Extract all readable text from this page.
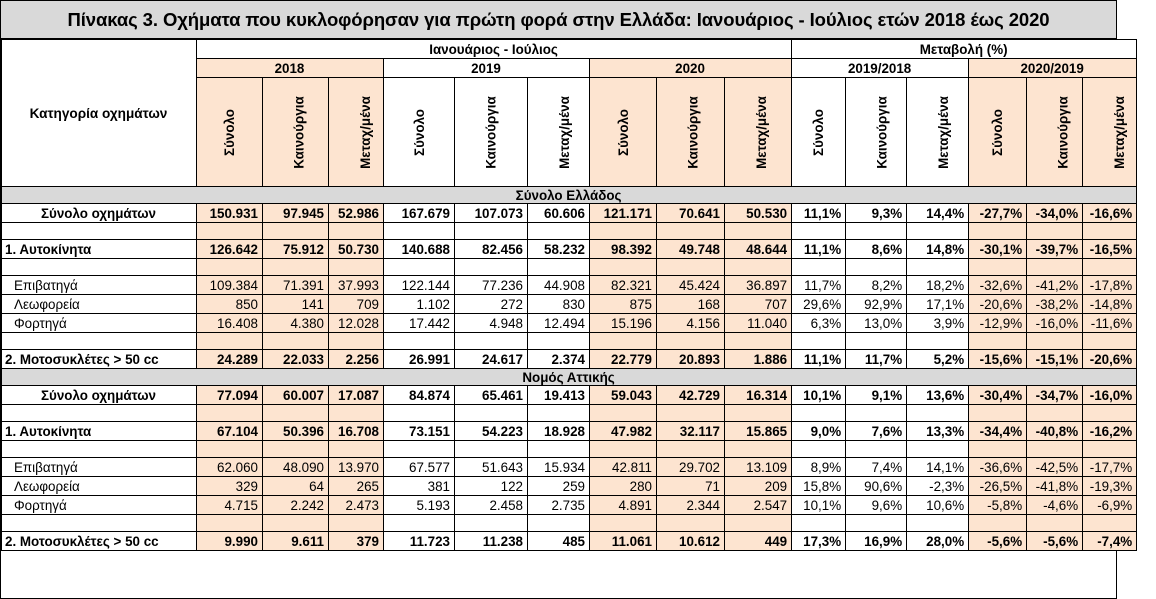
Πίνακας 3. Οχήματα που κυκλοφόρησαν για πρώτη φορά στην Ελλάδα: Ιανουάριος - Ιούλιος ετών 2018 έως 2020
Κατηγορία οχημάτων	Ιανουάριος - Ιούλιος									Μεταβολή (%)					
	2018			2019			2020			2019/2018			2020/2019		
	Σύνολο	Καινούργια	Μεταχ/μένα	Σύνολο	Καινούργια	Μεταχ/μένα	Σύνολο	Καινούργια	Μεταχ/μένα	Σύνολο	Καινούργια	Μεταχ/μένα	Σύνολο	Καινούργια	Μεταχ/μένα
Σύνολο Ελλάδος															
Σύνολο οχημάτων	150.931	97.945	52.986	167.679	107.073	60.606	121.171	70.641	50.530	11,1%	9,3%	14,4%	-27,7%	-34,0%	-16,6%

1. Αυτοκίνητα	126.642	75.912	50.730	140.688	82.456	58.232	98.392	49.748	48.644	11,1%	8,6%	14,8%	-30,1%	-39,7%	-16,5%

Επιβατηγά	109.384	71.391	37.993	122.144	77.236	44.908	82.321	45.424	36.897	11,7%	8,2%	18,2%	-32,6%	-41,2%	-17,8%
Λεωφορεία	850	141	709	1.102	272	830	875	168	707	29,6%	92,9%	17,1%	-20,6%	-38,2%	-14,8%
Φορτηγά	16.408	4.380	12.028	17.442	4.948	12.494	15.196	4.156	11.040	6,3%	13,0%	3,9%	-12,9%	-16,0%	-11,6%

2. Μοτοσυκλέτες > 50 cc	24.289	22.033	2.256	26.991	24.617	2.374	22.779	20.893	1.886	11,1%	11,7%	5,2%	-15,6%	-15,1%	-20,6%
Νομός Αττικής															
Σύνολο οχημάτων	77.094	60.007	17.087	84.874	65.461	19.413	59.043	42.729	16.314	10,1%	9,1%	13,6%	-30,4%	-34,7%	-16,0%

1. Αυτοκίνητα	67.104	50.396	16.708	73.151	54.223	18.928	47.982	32.117	15.865	9,0%	7,6%	13,3%	-34,4%	-40,8%	-16,2%

Επιβατηγά	62.060	48.090	13.970	67.577	51.643	15.934	42.811	29.702	13.109	8,9%	7,4%	14,1%	-36,6%	-42,5%	-17,7%
Λεωφορεία	329	64	265	381	122	259	280	71	209	15,8%	90,6%	-2,3%	-26,5%	-41,8%	-19,3%
Φορτηγά	4.715	2.242	2.473	5.193	2.458	2.735	4.891	2.344	2.547	10,1%	9,6%	10,6%	-5,8%	-4,6%	-6,9%

2. Μοτοσυκλέτες > 50 cc	9.990	9.611	379	11.723	11.238	485	11.061	10.612	449	17,3%	16,9%	28,0%	-5,6%	-5,6%	-7,4%
